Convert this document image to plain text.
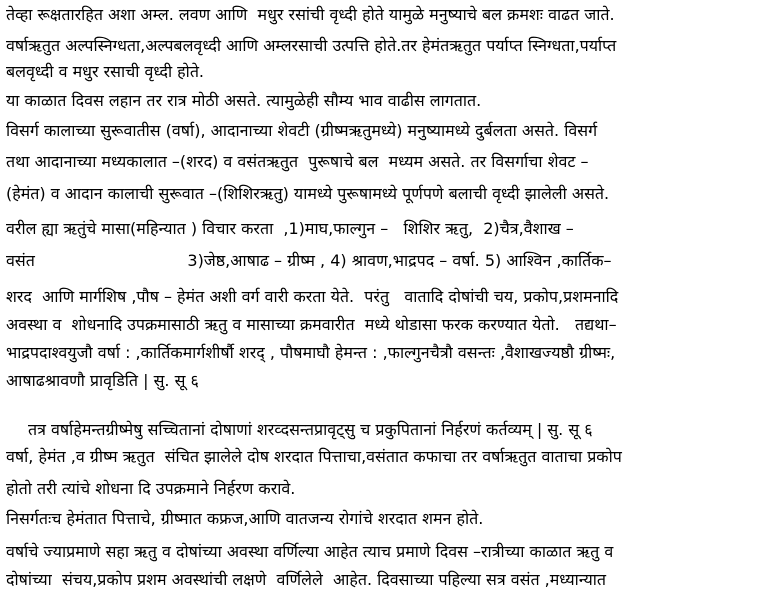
तेव्हा रूक्षतारहित अशा अम्ल. लवण आणि  मधुर रसांची वृध्दी होते यामुळे मनुष्याचे बल क्रमशः वाढत जाते.

वर्षाऋतुत अल्पस्निग्धता,अल्पबलवृध्दी आणि अम्लरसाची उत्पत्ति होते.तर हेमंतऋतुत पर्याप्त स्निग्धता,पर्याप्त

बलवृध्दी व मधुर रसाची वृध्दी होते.

या काळात दिवस लहान तर रात्र मोठी असते. त्यामुळेही सौम्य भाव वाढीस लागतात.

विसर्ग कालाच्या सुरूवातीस (वर्षा), आदानाच्या शेवटी (ग्रीष्मऋतुमध्ये) मनुष्यामध्ये दुर्बलता असते. विसर्ग

तथा आदानाच्या मध्यकालात –(शरद) व वसंतऋतुत  पुरूषाचे बल  मध्यम असते. तर विसर्गाचा शेवट –

(हेमंत) व आदान कालाची सुरूवात –(शिशिरऋतु) यामध्ये पुरूषामध्ये पूर्णपणे बलाची वृध्दी झालेली असते.

वरील ह्या ऋतुंचे मासा(महिन्यात ) विचार करता  ,1)माघ,फाल्गुन –   शिशिर ऋतु,  2)चैत्र,वैशाख –

वसंत                              3)जेष्ठ,आषाढ – ग्रीष्म , 4) श्रावण,भाद्रपद – वर्षा. 5) आश्विन ,कार्तिक–

शरद  आणि मार्गशिष ,पौष – हेमंत अशी वर्ग वारी करता येते.  परंतु   वातादि दोषांची चय, प्रकोप,प्रशमनादि

अवस्था व  शोधनादि उपक्रमासाठी ऋतु व मासाच्या क्रमवारीत  मध्ये थोडासा फरक करण्यात येतो.   तद्यथा–

भाद्रपदाश्वयुजौ वर्षा : ,कार्तिकमार्गशीर्षौ शरद् , पौषमाघौ हेमन्त : ,फाल्गुनचैत्रौ वसन्तः ,वैशाखज्यष्ठौ ग्रीष्मः,

आषाढश्रावणौ प्रावृडिति | सु. सू ६

तत्र वर्षाहेमन्तग्रीष्मेषु सच्चितानां दोषाणां शरव्दसन्तप्रावृट्सु च प्रकुपितानां निर्हरणं कर्तव्यम् | सु. सू ६

वर्षा, हेमंत ,व ग्रीष्म ऋतुत  संचित झालेले दोष शरदात पित्ताचा,वसंतात कफाचा तर वर्षाऋतुत वाताचा प्रकोप

होतो तरी त्यांचे शोधना दि उपक्रमाने निर्हरण करावे.

निसर्गतःच हेमंतात पित्ताचे, ग्रीष्मात कफ्रज,आणि वातजन्य रोगांचे शरदात शमन होते.

वर्षाचे ज्याप्रमाणे सहा ऋतु व दोषांच्या अवस्था वर्णिल्या आहेत त्याच प्रमाणे दिवस –रात्रीच्या काळात ऋतु व

दोषांच्या  संचय,प्रकोप प्रशम अवस्थांची लक्षणे  वर्णिलेले  आहेत. दिवसाच्या पहिल्या सत्र वसंत ,मध्यान्यात
